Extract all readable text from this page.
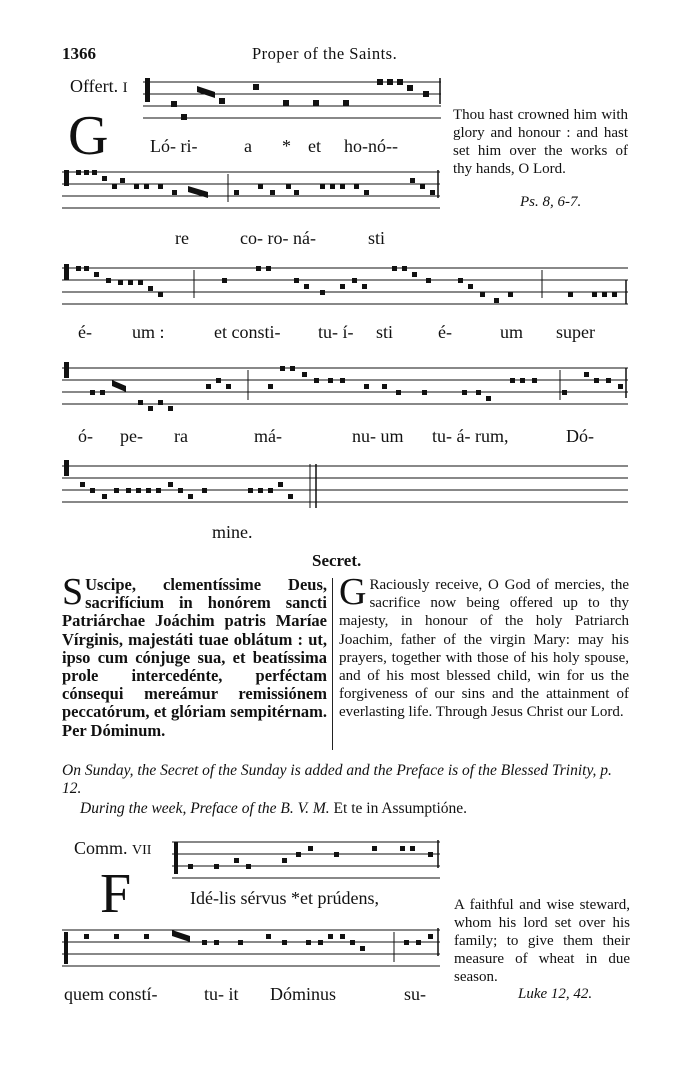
1366	Proper of the Saints.
Offert. I
G Ló- ri-	a * et ho-nó--
Thou hast crowned him with glory and honour : and hast set him over the works of thy hands, O Lord.
Ps. 8, 6-7.
re	co- ro- ná-	sti
é- um :	et consti- tu- í- sti é-	um super
ó- pe- ra	má-	nu- um tu- á- rum,	Dó-
mine.
Secret.
S Uscipe, clementíssime Deus, sacrifícium in honórem sancti Patriárchae Joáchim patris Maríae Vírginis, majestáti tuae oblátum : ut, ipso cum cónjuge sua, et beatíssima prole intercedénte, perféctam cónsequi mereámur remissiónem peccatórum, et glóriam sempitérnam. Per Dóminum.
G Raciously receive, O God of mercies, the sacrifice now being offered up to thy majesty, in honour of the holy Patriarch Joachim, father of the virgin Mary: may his prayers, together with those of his holy spouse, and of his most blessed child, win for us the forgiveness of our sins and the attainment of everlasting life. Through Jesus Christ our Lord.
On Sunday, the Secret of the Sunday is added and the Preface is of the Blessed Trinity, p. 12.
During the week, Preface of the B. V. M. Et te in Assumptióne.
Comm. VII
F	Idé-lis sérvus *et prúdens,	A faithful and wise steward, whom his lord set over his family; to give them their measure of wheat in due season.
Luke 12, 42.
quem constí-	tu- it Dóminus	su-
